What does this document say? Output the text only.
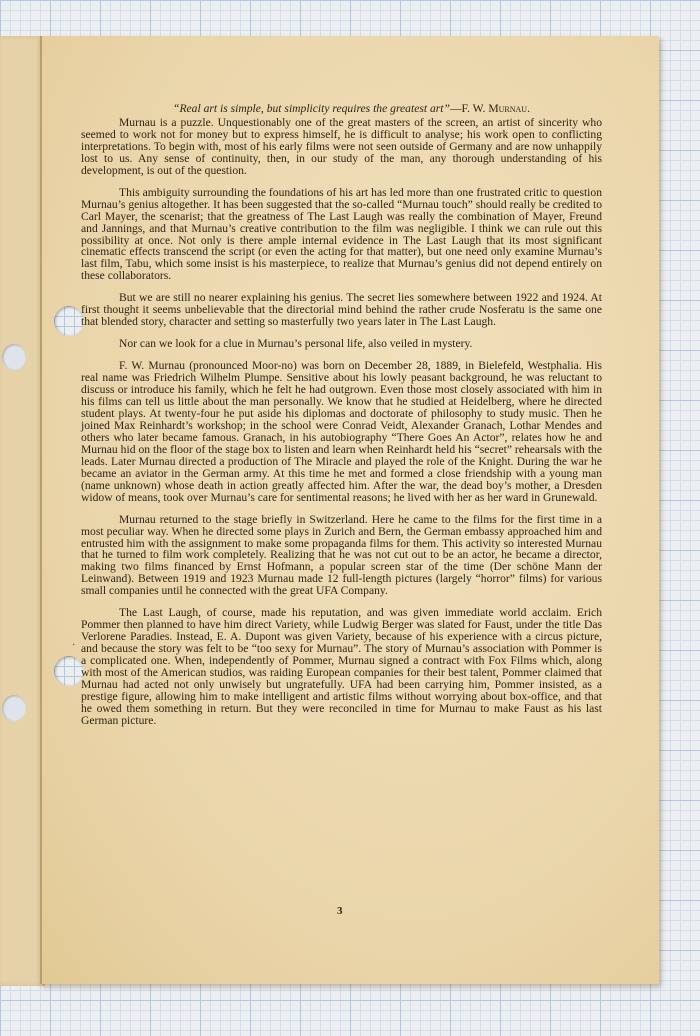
“Real art is simple, but simplicity requires the greatest art”—F. W. Murnau.

Murnau is a puzzle. Unquestionably one of the great masters of the screen, an artist of sincerity who seemed to work not for money but to express himself, he is difficult to analyse; his work open to conflicting interpretations. To begin with, most of his early films were not seen outside of Germany and are now unhappily lost to us. Any sense of continuity, then, in our study of the man, any thorough understanding of his development, is out of the question.

This ambiguity surrounding the foundations of his art has led more than one frustrated critic to question Murnau’s genius altogether. It has been suggested that the so-called “Murnau touch” should really be credited to Carl Mayer, the scenarist; that the greatness of The Last Laugh was really the combination of Mayer, Freund and Jannings, and that Murnau’s creative contribution to the film was negligible. I think we can rule out this possibility at once. Not only is there ample internal evidence in The Last Laugh that its most significant cinematic effects transcend the script (or even the acting for that matter), but one need only examine Murnau’s last film, Tabu, which some insist is his masterpiece, to realize that Murnau’s genius did not depend entirely on these collaborators.

But we are still no nearer explaining his genius. The secret lies somewhere between 1922 and 1924. At first thought it seems unbelievable that the directorial mind behind the rather crude Nosferatu is the same one that blended story, character and setting so masterfully two years later in The Last Laugh.

Nor can we look for a clue in Murnau’s personal life, also veiled in mystery.

F. W. Murnau (pronounced Moor-no) was born on December 28, 1889, in Bielefeld, Westphalia. His real name was Friedrich Wilhelm Plumpe. Sensitive about his lowly peasant background, he was reluctant to discuss or introduce his family, which he felt he had outgrown. Even those most closely associated with him in his films can tell us little about the man personally. We know that he studied at Heidelberg, where he directed student plays. At twenty-four he put aside his diplomas and doctorate of philosophy to study music. Then he joined Max Reinhardt’s workshop; in the school were Conrad Veidt, Alexander Granach, Lothar Mendes and others who later became famous. Granach, in his autobiography “There Goes An Actor”, relates how he and Murnau hid on the floor of the stage box to listen and learn when Reinhardt held his “secret” rehearsals with the leads. Later Murnau directed a production of The Miracle and played the role of the Knight. During the war he became an aviator in the German army. At this time he met and formed a close friendship with a young man (name unknown) whose death in action greatly affected him. After the war, the dead boy’s mother, a Dresden widow of means, took over Murnau’s care for sentimental reasons; he lived with her as her ward in Grunewald.

Murnau returned to the stage briefly in Switzerland. Here he came to the films for the first time in a most peculiar way. When he directed some plays in Zurich and Bern, the German embassy approached him and entrusted him with the assignment to make some propaganda films for them. This activity so interested Murnau that he turned to film work completely. Realizing that he was not cut out to be an actor, he became a director, making two films financed by Ernst Hofmann, a popular screen star of the time (Der schöne Mann der Leinwand). Between 1919 and 1923 Murnau made 12 full-length pictures (largely “horror” films) for various small companies until he connected with the great UFA Company.

The Last Laugh, of course, made his reputation, and was given immediate world acclaim. Erich Pommer then planned to have him direct Variety, while Ludwig Berger was slated for Faust, under the title Das Verlorene Paradies. Instead, E. A. Dupont was given Variety, because of his experience with a circus picture, and because the story was felt to be “too sexy for Murnau”. The story of Murnau’s association with Pommer is a complicated one. When, independently of Pommer, Murnau signed a contract with Fox Films which, along with most of the American studios, was raiding European companies for their best talent, Pommer claimed that Murnau had acted not only unwisely but ungratefully. UFA had been carrying him, Pommer insisted, as a prestige figure, allowing him to make intelligent and artistic films without worrying about box-office, and that he owed them something in return. But they were reconciled in time for Murnau to make Faust as his last German picture.

·
3
